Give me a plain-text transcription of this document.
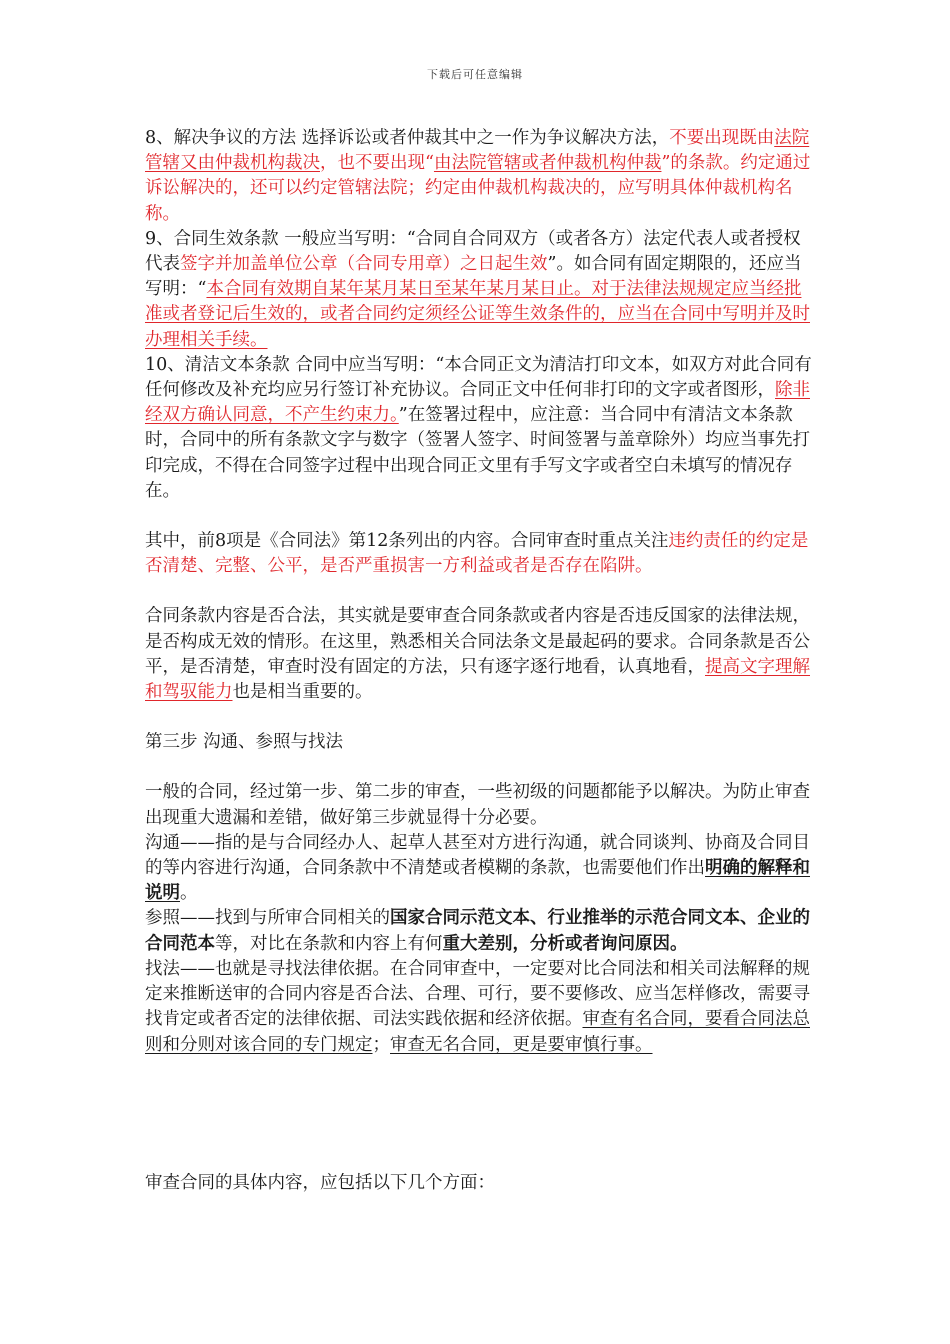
下载后可任意编辑

8、解决争议的方法 选择诉讼或者仲裁其中之一作为争议解决方法，不要出现既由法院管辖又由仲裁机构裁决，也不要出现“由法院管辖或者仲裁机构仲裁”的条款。约定通过诉讼解决的，还可以约定管辖法院；约定由仲裁机构裁决的，应写明具体仲裁机构名称。

9、合同生效条款 一般应当写明：“合同自合同双方（或者各方）法定代表人或者授权代表签字并加盖单位公章（合同专用章）之日起生效”。如合同有固定期限的，还应当写明：“本合同有效期自某年某月某日至某年某月某日止。对于法律法规规定应当经批准或者登记后生效的，或者合同约定须经公证等生效条件的，应当在合同中写明并及时办理相关手续。

10、清洁文本条款 合同中应当写明：“本合同正文为清洁打印文本，如双方对此合同有任何修改及补充均应另行签订补充协议。合同正文中任何非打印的文字或者图形，除非经双方确认同意，不产生约束力。”在签署过程中，应注意：当合同中有清洁文本条款时，合同中的所有条款文字与数字（签署人签字、时间签署与盖章除外）均应当事先打印完成，不得在合同签字过程中出现合同正文里有手写文字或者空白未填写的情况存在。

其中，前8项是《合同法》第12条列出的内容。合同审查时重点关注违约责任的约定是否清楚、完整、公平，是否严重损害一方利益或者是否存在陷阱。

合同条款内容是否合法，其实就是要审查合同条款或者内容是否违反国家的法律法规，是否构成无效的情形。在这里，熟悉相关合同法条文是最起码的要求。合同条款是否公平，是否清楚，审查时没有固定的方法，只有逐字逐行地看，认真地看，提高文字理解和驾驭能力也是相当重要的。

第三步 沟通、参照与找法

一般的合同，经过第一步、第二步的审查，一些初级的问题都能予以解决。为防止审查出现重大遗漏和差错，做好第三步就显得十分必要。

沟通——指的是与合同经办人、起草人甚至对方进行沟通，就合同谈判、协商及合同目的等内容进行沟通，合同条款中不清楚或者模糊的条款，也需要他们作出明确的解释和说明。

参照——找到与所审合同相关的国家合同示范文本、行业推举的示范合同文本、企业的合同范本等，对比在条款和内容上有何重大差别，分析或者询问原因。

找法——也就是寻找法律依据。在合同审查中，一定要对比合同法和相关司法解释的规定来推断送审的合同内容是否合法、合理、可行，要不要修改、应当怎样修改，需要寻找肯定或者否定的法律依据、司法实践依据和经济依据。审查有名合同，要看合同法总则和分则对该合同的专门规定；审查无名合同，更是要审慎行事。

审查合同的具体内容，应包括以下几个方面：
